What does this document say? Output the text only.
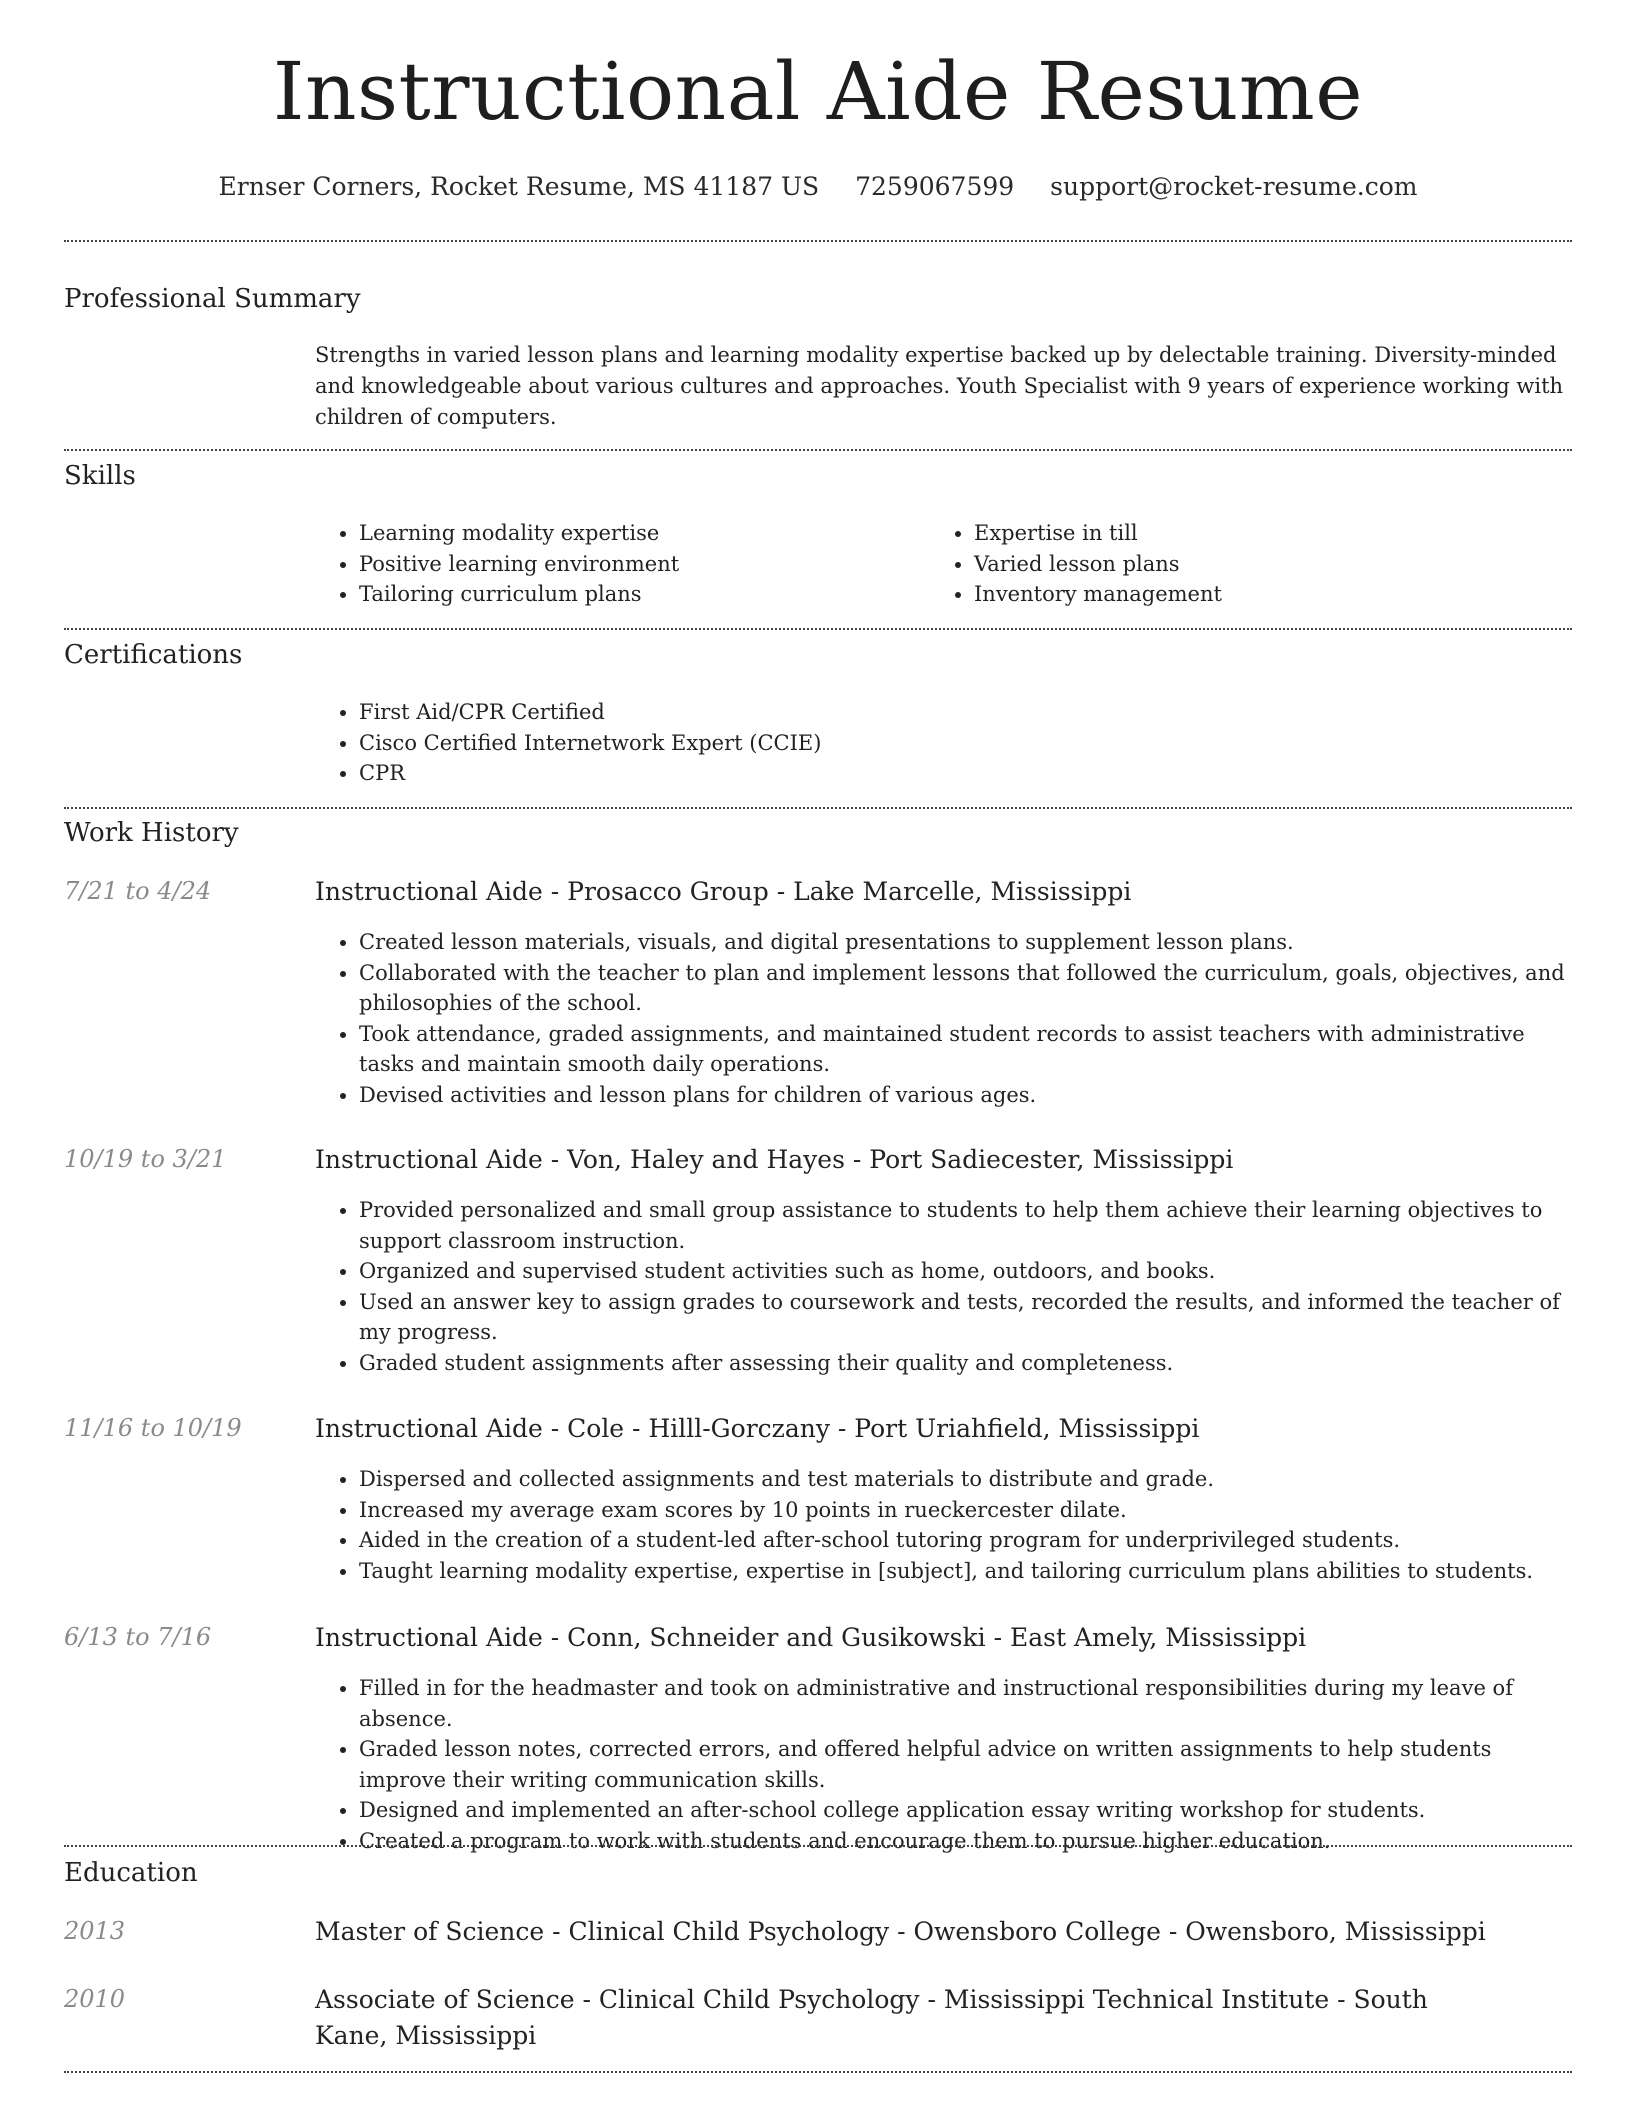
Instructional Aide Resume
Ernser Corners, Rocket Resume, MS 41187 US 7259067599 support@rocket-resume.com
Professional Summary
Strengths in varied lesson plans and learning modality expertise backed up by delectable training. Diversity-minded and knowledgeable about various cultures and approaches. Youth Specialist with 9 years of experience working with children of computers.
Skills
• Learning modality expertise
• Positive learning environment
• Tailoring curriculum plans
• Expertise in till
• Varied lesson plans
• Inventory management
Certifications
• First Aid/CPR Certified
• Cisco Certified Internetwork Expert (CCIE)
• CPR
Work History
7/21 to 4/24	Instructional Aide - Prosacco Group - Lake Marcelle, Mississippi
• Created lesson materials, visuals, and digital presentations to supplement lesson plans.
• Collaborated with the teacher to plan and implement lessons that followed the curriculum, goals, objectives, and philosophies of the school.
• Took attendance, graded assignments, and maintained student records to assist teachers with administrative tasks and maintain smooth daily operations.
• Devised activities and lesson plans for children of various ages.
10/19 to 3/21	Instructional Aide - Von, Haley and Hayes - Port Sadiecester, Mississippi
• Provided personalized and small group assistance to students to help them achieve their learning objectives to support classroom instruction.
• Organized and supervised student activities such as home, outdoors, and books.
• Used an answer key to assign grades to coursework and tests, recorded the results, and informed the teacher of my progress.
• Graded student assignments after assessing their quality and completeness.
11/16 to 10/19	Instructional Aide - Cole - Hilll-Gorczany - Port Uriahfield, Mississippi
• Dispersed and collected assignments and test materials to distribute and grade.
• Increased my average exam scores by 10 points in rueckercester dilate.
• Aided in the creation of a student-led after-school tutoring program for underprivileged students.
• Taught learning modality expertise, expertise in [subject], and tailoring curriculum plans abilities to students.
6/13 to 7/16	Instructional Aide - Conn, Schneider and Gusikowski - East Amely, Mississippi
• Filled in for the headmaster and took on administrative and instructional responsibilities during my leave of absence.
• Graded lesson notes, corrected errors, and offered helpful advice on written assignments to help students improve their writing communication skills.
• Designed and implemented an after-school college application essay writing workshop for students.
• Created a program to work with students and encourage them to pursue higher education.
Education
2013	Master of Science - Clinical Child Psychology - Owensboro College - Owensboro, Mississippi
2010	Associate of Science - Clinical Child Psychology - Mississippi Technical Institute - South Kane, Mississippi
